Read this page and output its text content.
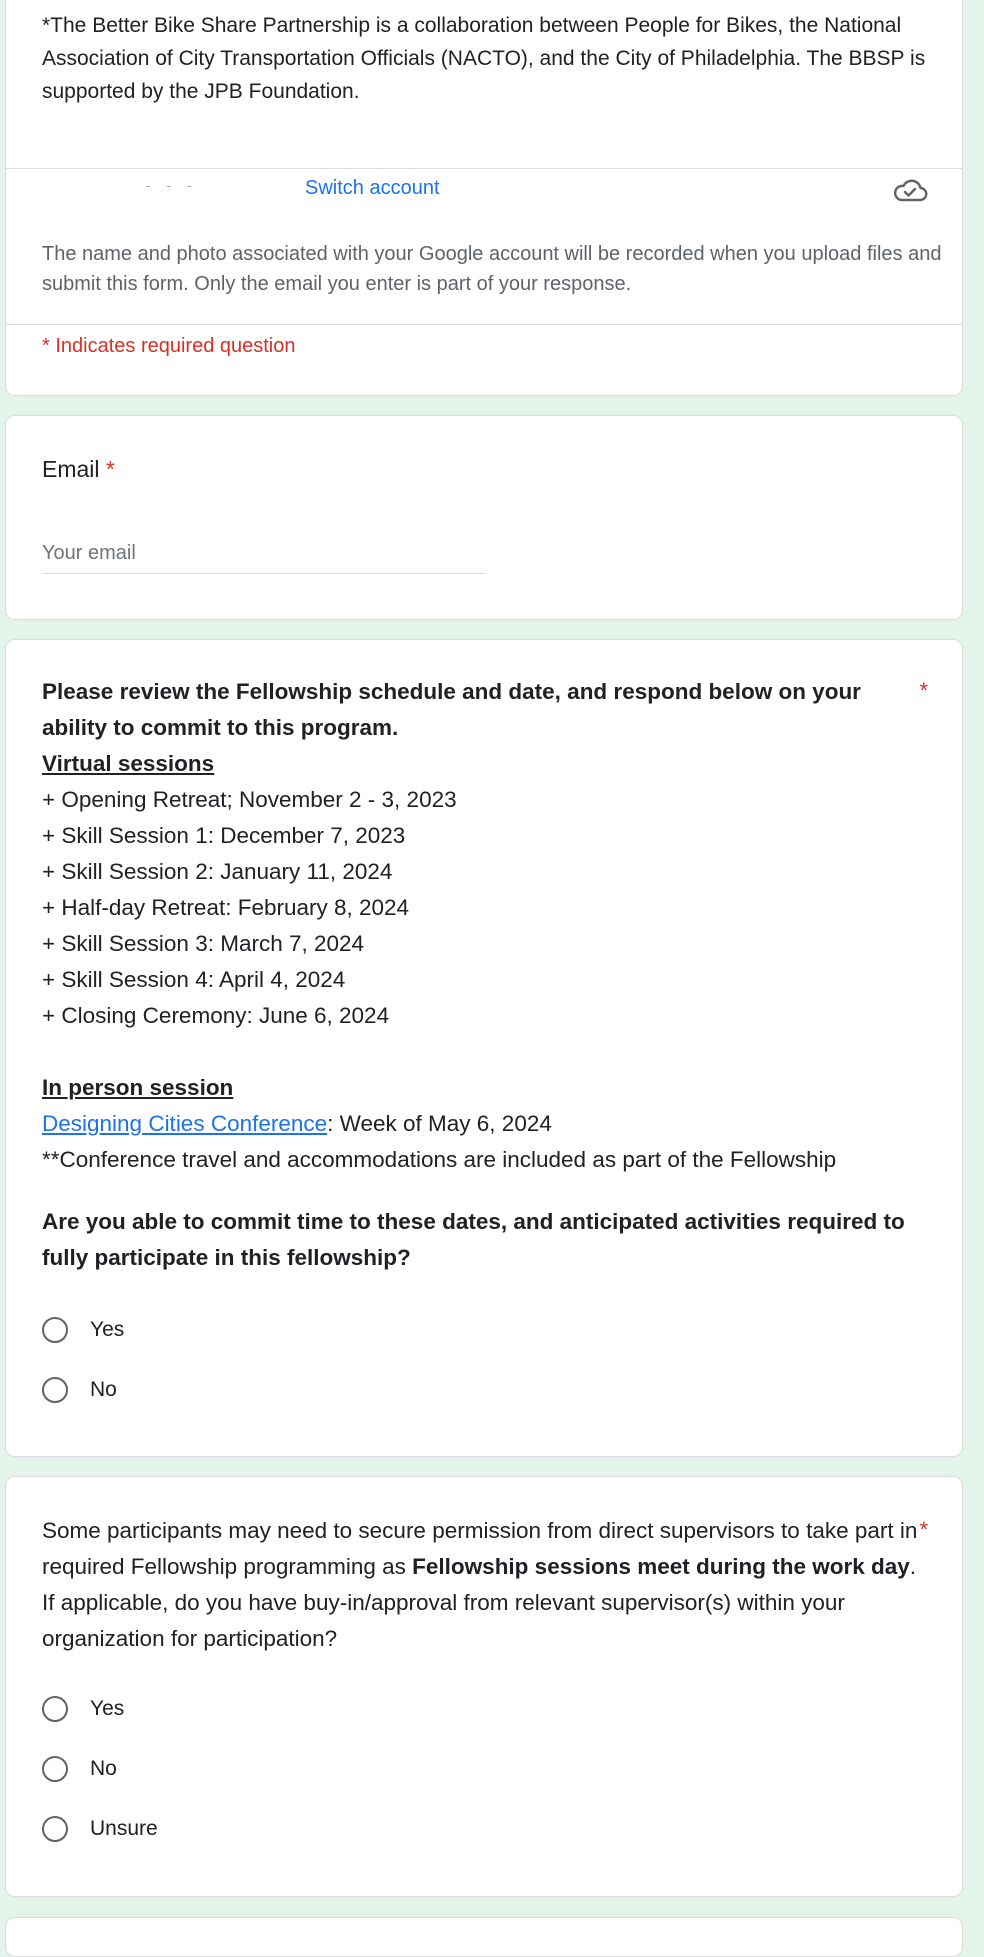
*The Better Bike Share Partnership is a collaboration between People for Bikes, the National Association of City Transportation Officials (NACTO), and the City of Philadelphia. The BBSP is supported by the JPB Foundation.
- - -	Switch account
The name and photo associated with your Google account will be recorded when you upload files and submit this form. Only the email you enter is part of your response.
* Indicates required question
Email *
Your email
*
Please review the Fellowship schedule and date, and respond below on your ability to commit to this program.
Virtual sessions
+ Opening Retreat; November 2 - 3, 2023
+ Skill Session 1: December 7, 2023
+ Skill Session 2: January 11, 2024
+ Half-day Retreat: February 8, 2024
+ Skill Session 3: March 7, 2024
+ Skill Session 4: April 4, 2024
+ Closing Ceremony: June 6, 2024
In person session
Designing Cities Conference: Week of May 6, 2024
**Conference travel and accommodations are included as part of the Fellowship
Are you able to commit time to these dates, and anticipated activities required to fully participate in this fellowship?
Yes
No
*
Some participants may need to secure permission from direct supervisors to take part in required Fellowship programming as Fellowship sessions meet during the work day. If applicable, do you have buy-in/approval from relevant supervisor(s) within your organization for participation?
Yes
No
Unsure
